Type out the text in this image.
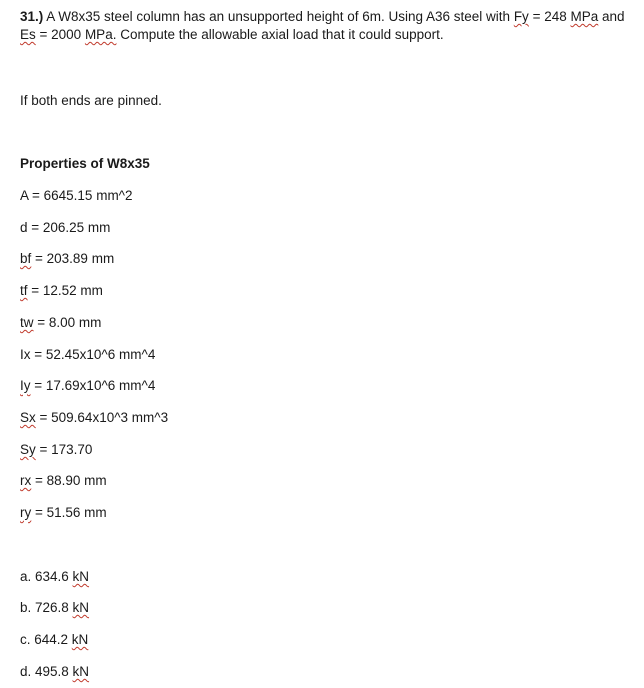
31.) A W8x35 steel column has an unsupported height of 6m. Using A36 steel with Fy = 248 MPa and Es = 2000 MPa. Compute the allowable axial load that it could support.
If both ends are pinned.
Properties of W8x35
A = 6645.15 mm^2
d = 206.25 mm
bf = 203.89 mm
tf = 12.52 mm
tw = 8.00 mm
Ix = 52.45x10^6 mm^4
Iy = 17.69x10^6 mm^4
Sx = 509.64x10^3 mm^3
Sy = 173.70
rx = 88.90 mm
ry = 51.56 mm
a. 634.6 kN
b. 726.8 kN
c. 644.2 kN
d. 495.8 kN
